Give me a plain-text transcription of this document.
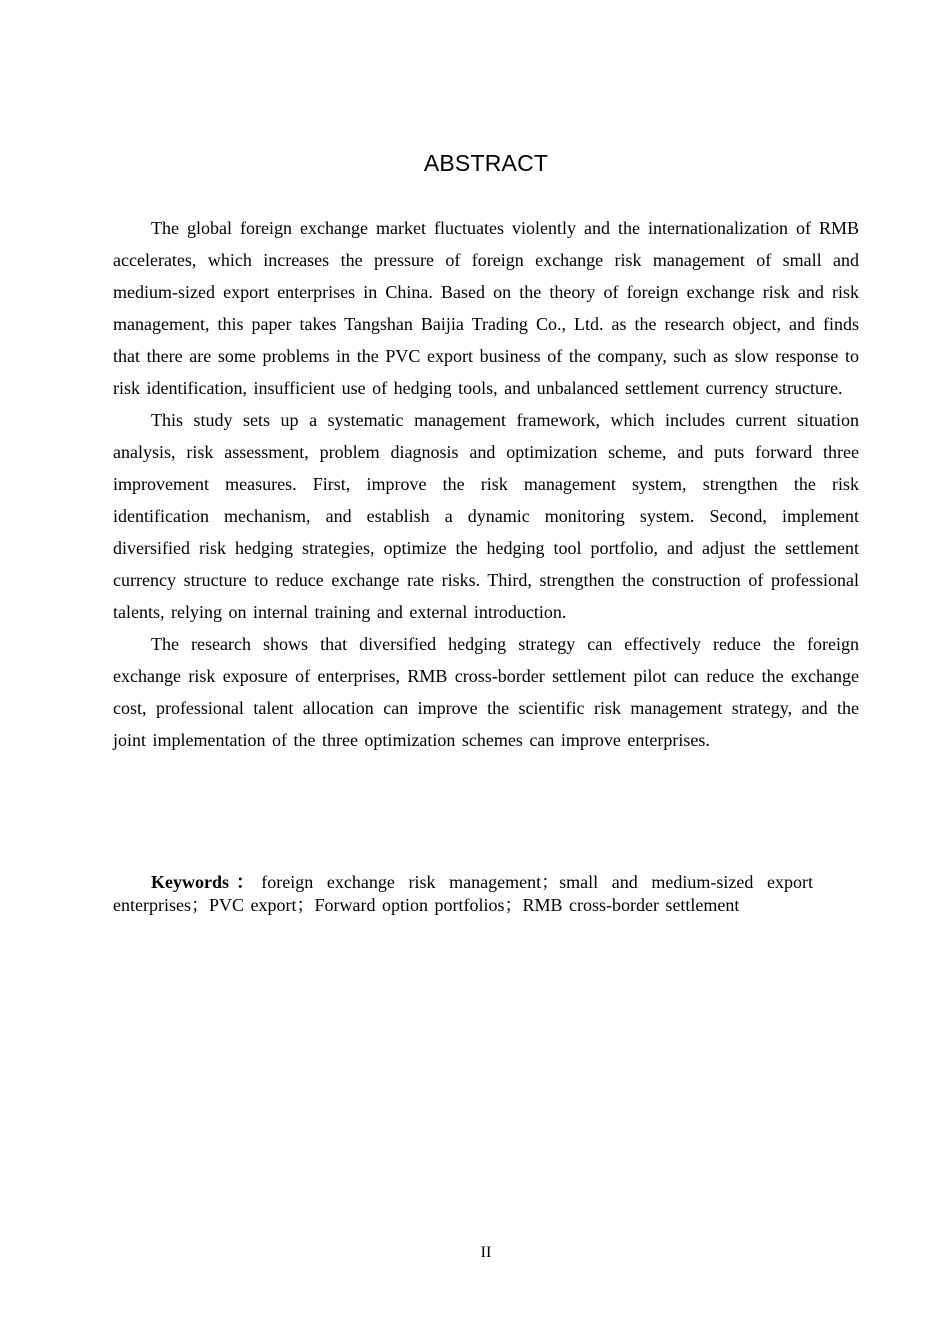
ABSTRACT

The global foreign exchange market fluctuates violently and the internationalization of RMB accelerates, which increases the pressure of foreign exchange risk management of small and medium-sized export enterprises in China. Based on the theory of foreign exchange risk and risk management, this paper takes Tangshan Baijia Trading Co., Ltd. as the research object, and finds that there are some problems in the PVC export business of the company, such as slow response to risk identification, insufficient use of hedging tools, and unbalanced settlement currency structure.

This study sets up a systematic management framework, which includes current situation analysis, risk assessment, problem diagnosis and optimization scheme, and puts forward three improvement measures. First, improve the risk management system, strengthen the risk identification mechanism, and establish a dynamic monitoring system. Second, implement diversified risk hedging strategies, optimize the hedging tool portfolio, and adjust the settlement currency structure to reduce exchange rate risks. Third, strengthen the construction of professional talents, relying on internal training and external introduction.

The research shows that diversified hedging strategy can effectively reduce the foreign exchange risk exposure of enterprises, RMB cross-border settlement pilot can reduce the exchange cost, professional talent allocation can improve the scientific risk management strategy, and the joint implementation of the three optimization schemes can improve enterprises.

Keywords：foreign exchange risk management；small and medium-sized export enterprises；PVC export；Forward option portfolios；RMB cross-border settlement
II
